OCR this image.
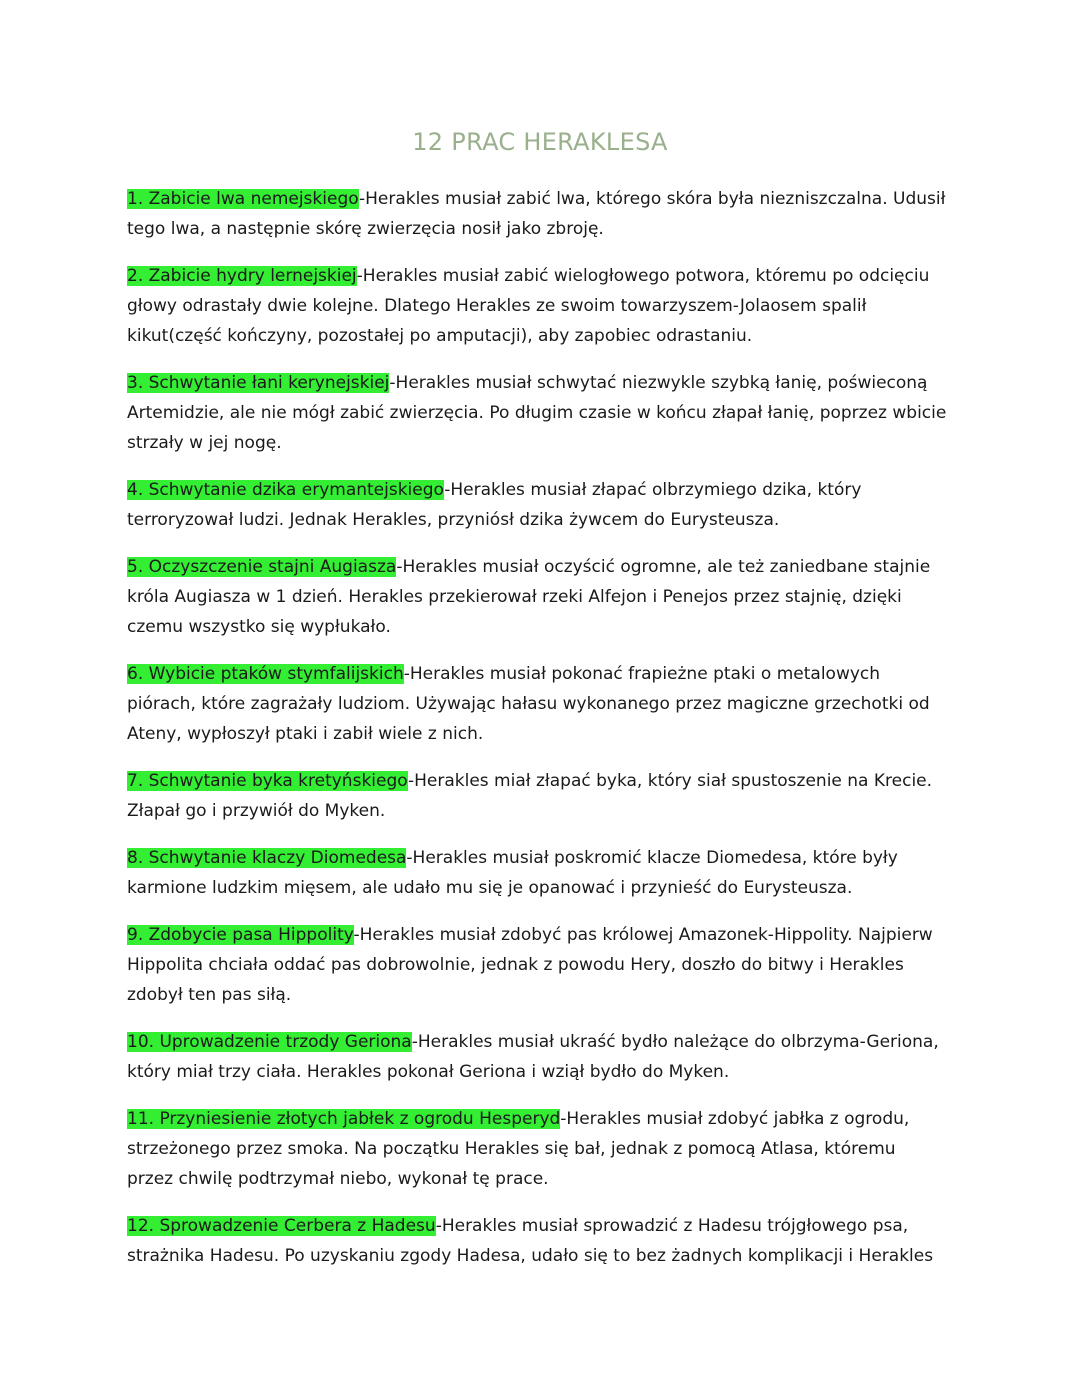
12 PRAC HERAKLESA

1. Zabicie lwa nemejskiego-Herakles musiał zabić lwa, którego skóra była niezniszczalna. Udusił tego lwa, a następnie skórę zwierzęcia nosił jako zbroję.

2. Zabicie hydry lernejskiej-Herakles musiał zabić wielogłowego potwora, któremu po odcięciu głowy odrastały dwie kolejne. Dlatego Herakles ze swoim towarzyszem-Jolaosem spalił kikut(część kończyny, pozostałej po amputacji), aby zapobiec odrastaniu.

3. Schwytanie łani kerynejskiej-Herakles musiał schwytać niezwykle szybką łanię, poświeconą Artemidzie, ale nie mógł zabić zwierzęcia. Po długim czasie w końcu złapał łanię, poprzez wbicie strzały w jej nogę.

4. Schwytanie dzika erymantejskiego-Herakles musiał złapać olbrzymiego dzika, który terroryzował ludzi. Jednak Herakles, przyniósł dzika żywcem do Eurysteusza.

5. Oczyszczenie stajni Augiasza-Herakles musiał oczyścić ogromne, ale też zaniedbane stajnie króla Augiasza w 1 dzień. Herakles przekierował rzeki Alfejon i Penejos przez stajnię, dzięki czemu wszystko się wypłukało.

6. Wybicie ptaków stymfalijskich-Herakles musiał pokonać frapieżne ptaki o metalowych piórach, które zagrażały ludziom. Używając hałasu wykonanego przez magiczne grzechotki od Ateny, wypłoszył ptaki i zabił wiele z nich.

7. Schwytanie byka kretyńskiego-Herakles miał złapać byka, który siał spustoszenie na Krecie. Złapał go i przywiół do Myken.

8. Schwytanie klaczy Diomedesa-Herakles musiał poskromić klacze Diomedesa, które były karmione ludzkim mięsem, ale udało mu się je opanować i przynieść do Eurysteusza.

9. Zdobycie pasa Hippolity-Herakles musiał zdobyć pas królowej Amazonek-Hippolity. Najpierw Hippolita chciała oddać pas dobrowolnie, jednak z powodu Hery, doszło do bitwy i Herakles zdobył ten pas siłą.

10. Uprowadzenie trzody Geriona-Herakles musiał ukraść bydło należące do olbrzyma-Geriona, który miał trzy ciała. Herakles pokonał Geriona i wziął bydło do Myken.

11. Przyniesienie złotych jabłek z ogrodu Hesperyd-Herakles musiał zdobyć jabłka z ogrodu, strzeżonego przez smoka. Na początku Herakles się bał, jednak z pomocą Atlasa, któremu przez chwilę podtrzymał niebo, wykonał tę prace.

12. Sprowadzenie Cerbera z Hadesu-Herakles musiał sprowadzić z Hadesu trójgłowego psa, strażnika Hadesu. Po uzyskaniu zgody Hadesa, udało się to bez żadnych komplikacji i Herakles
